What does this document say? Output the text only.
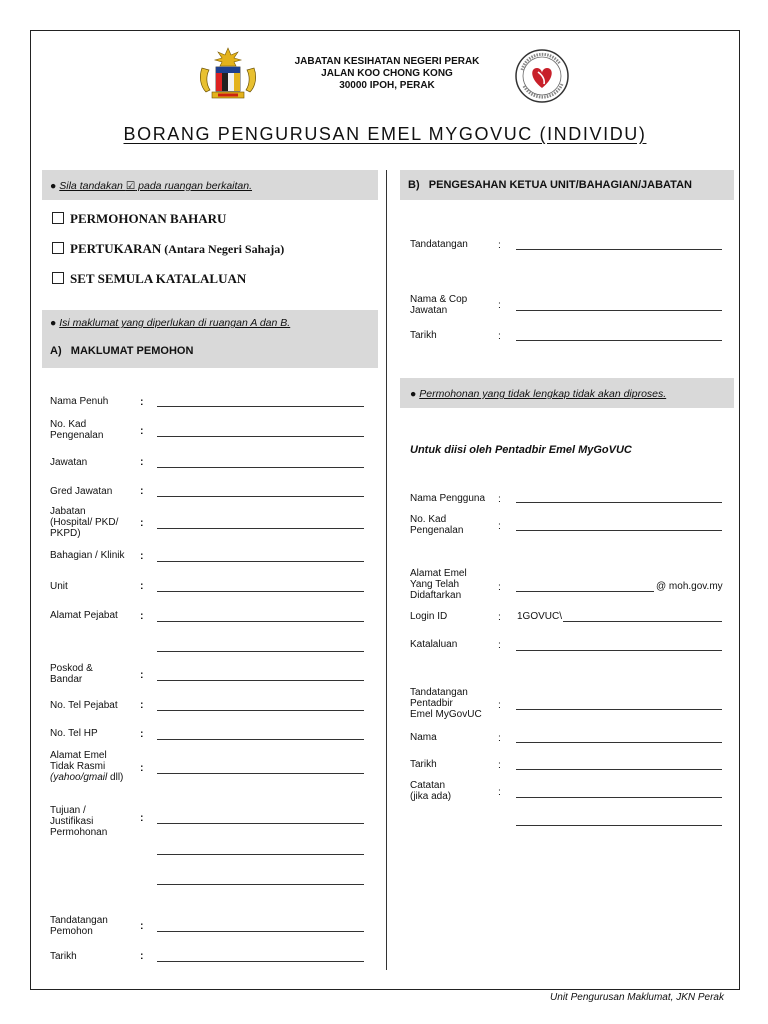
JABATAN KESIHATAN NEGERI PERAK
JALAN KOO CHONG KONG
30000 IPOH, PERAK
BORANG PENGURUSAN EMEL MYGOVUC (INDIVIDU)
● Sila tandakan ☑ pada ruangan berkaitan.
PERMOHONAN BAHARU
PERTUKARAN (Antara Negeri Sahaja)
SET SEMULA KATALALUAN
● Isi maklumat yang diperlukan di ruangan A dan B.
A)   MAKLUMAT PEMOHON
Nama Penuh	:
No. Kad
Pengenalan	:
Jawatan	:
Gred Jawatan	:
Jabatan
(Hospital/ PKD/
PKPD)
:
Bahagian / Klinik :
Unit	:
Alamat Pejabat :
Poskod &
Bandar	:
No. Tel Pejabat :
No. Tel HP	:
Alamat Emel
Tidak Rasmi
(yahoo/gmail dll)
:
Tujuan /
Justifikasi
Permohonan
:
Tandatangan
Pemohon	:
Tarikh	:
B)   PENGESAHAN KETUA UNIT/BAHAGIAN/JABATAN
Tandatangan	:
Nama & Cop
Jawatan	:
Tarikh	:
● Permohonan yang tidak lengkap tidak akan diproses.
Untuk diisi oleh Pentadbir Emel MyGoVUC
Nama Pengguna :
No. Kad
Pengenalan	:
Alamat Emel
Yang Telah
Didaftarkan
:	@ moh.gov.my
Login ID	: 1GOVUC\
Katalaluan	:
Tandatangan
Pentadbir
Emel MyGovUC
:
Nama	:
Tarikh	:
Catatan
(jika ada)	:
Unit Pengurusan Maklumat, JKN Perak
